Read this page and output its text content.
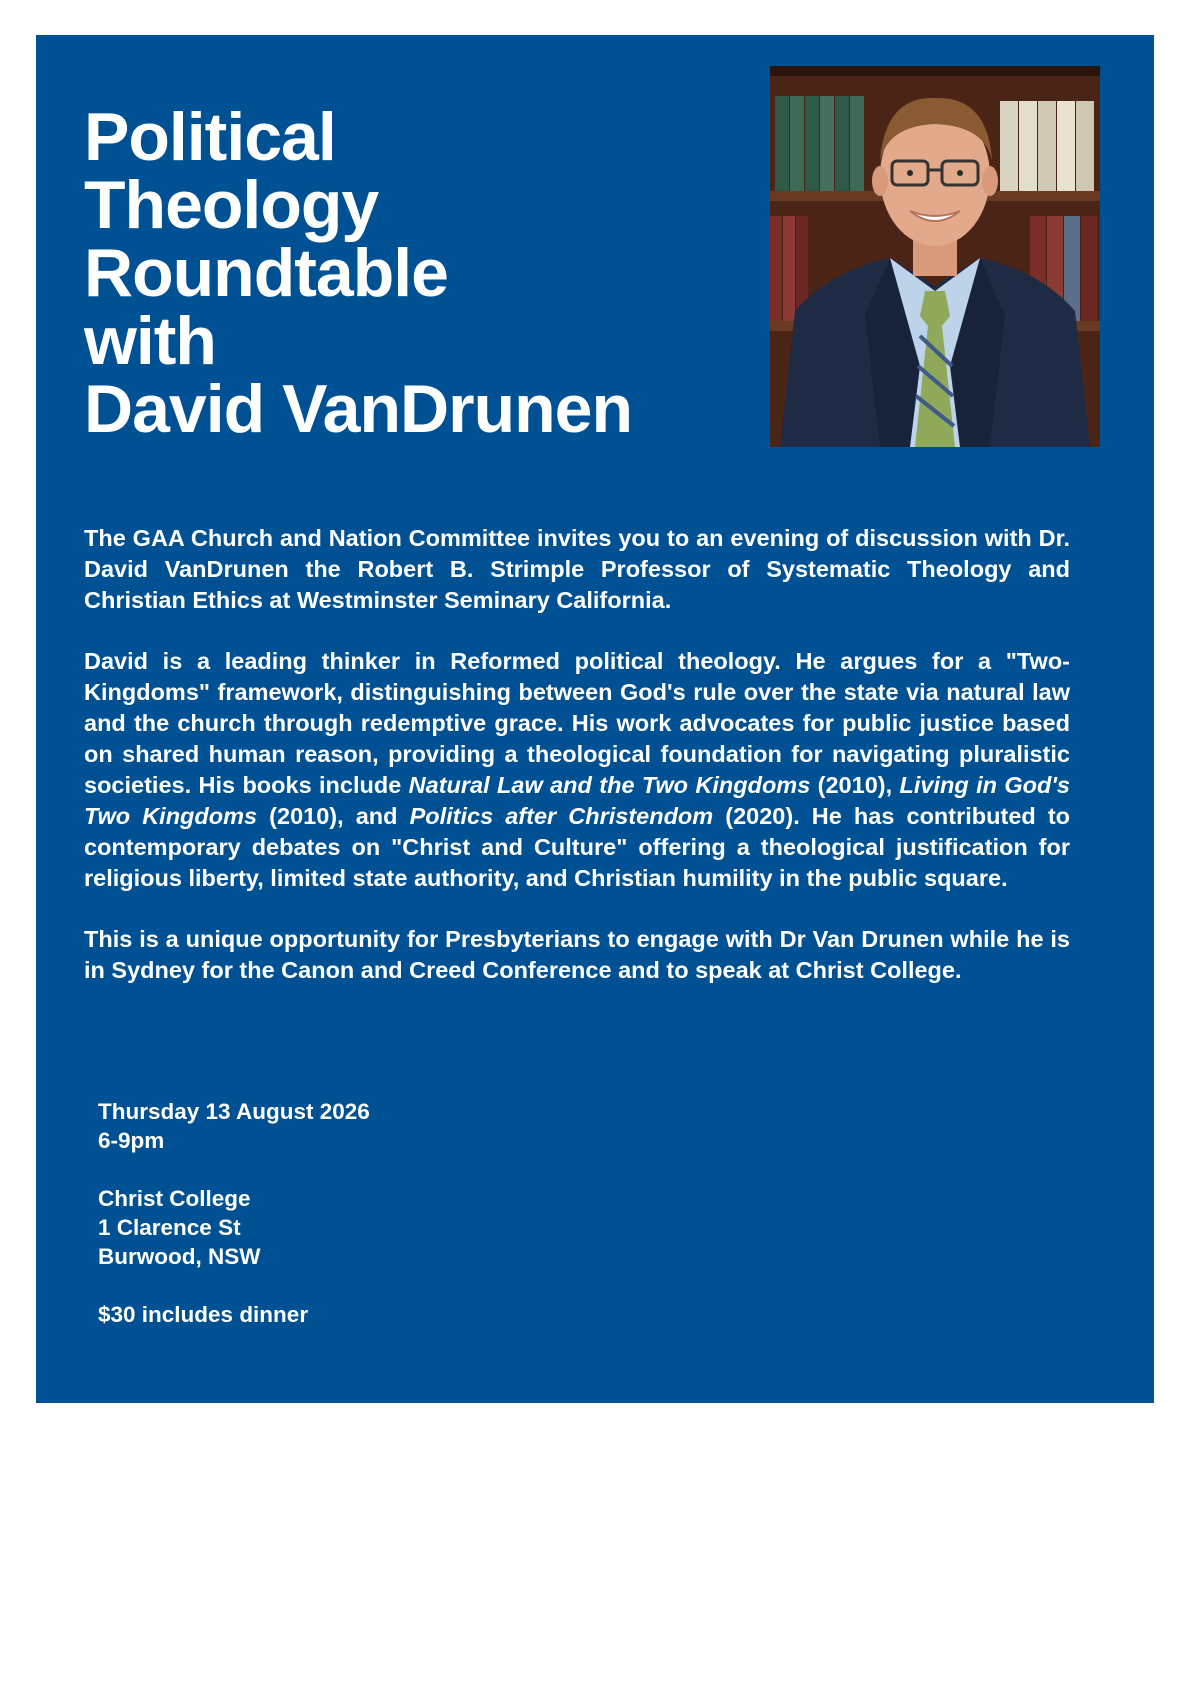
Political
Theology
Roundtable
with
David VanDrunen

The GAA Church and Nation Committee invites you to an evening of discussion with Dr. David VanDrunen the Robert B. Strimple Professor of Systematic Theology and Christian Ethics at Westminster Seminary California.

David is a leading thinker in Reformed political theology. He argues for a "Two-Kingdoms" framework, distinguishing between God's rule over the state via natural law and the church through redemptive grace. His work advocates for public justice based on shared human reason, providing a theological foundation for navigating pluralistic societies. His books include Natural Law and the Two Kingdoms (2010), Living in God's Two Kingdoms (2010), and Politics after Christendom (2020). He has contributed to contemporary debates on "Christ and Culture" offering a theological justification for religious liberty, limited state authority, and Christian humility in the public square.

This is a unique opportunity for Presbyterians to engage with Dr Van Drunen while he is in Sydney for the Canon and Creed Conference and to speak at Christ College.

Thursday 13 August 2026
6-9pm
Christ College
1 Clarence St
Burwood, NSW
$30 includes dinner
